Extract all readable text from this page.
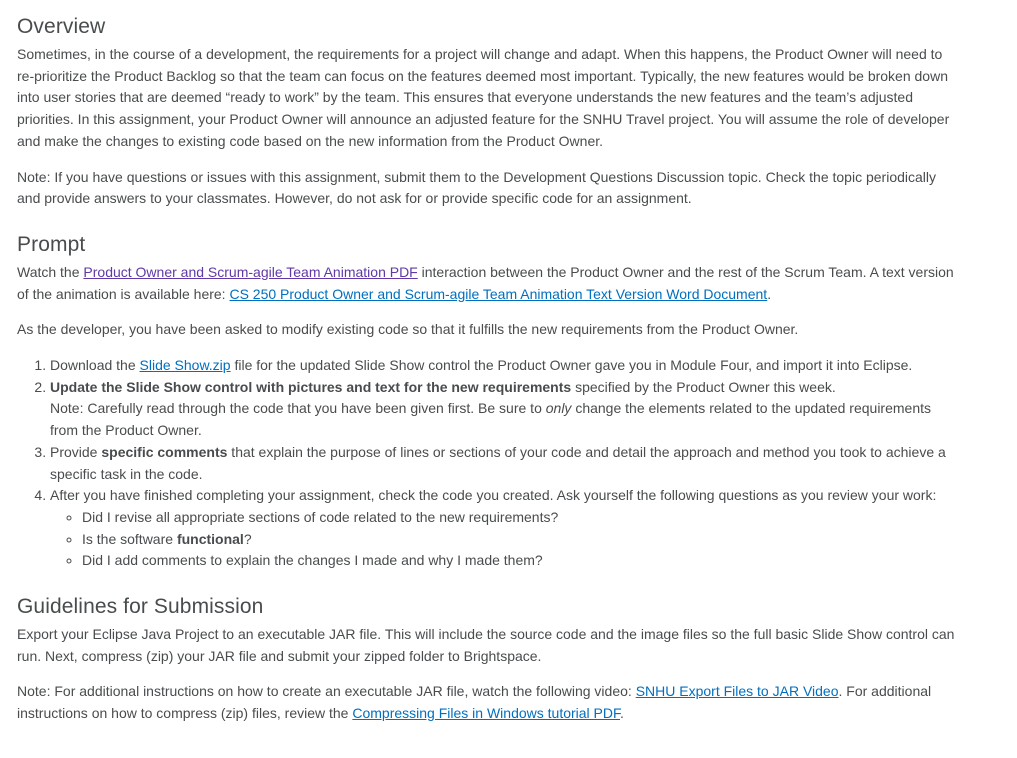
Overview

Sometimes, in the course of a development, the requirements for a project will change and adapt. When this happens, the Product Owner will need to re-prioritize the Product Backlog so that the team can focus on the features deemed most important. Typically, the new features would be broken down into user stories that are deemed “ready to work” by the team. This ensures that everyone understands the new features and the team’s adjusted priorities. In this assignment, your Product Owner will announce an adjusted feature for the SNHU Travel project. You will assume the role of developer and make the changes to existing code based on the new information from the Product Owner.

Note: If you have questions or issues with this assignment, submit them to the Development Questions Discussion topic. Check the topic periodically and provide answers to your classmates. However, do not ask for or provide specific code for an assignment.

Prompt

Watch the Product Owner and Scrum-agile Team Animation PDF interaction between the Product Owner and the rest of the Scrum Team. A text version of the animation is available here: CS 250 Product Owner and Scrum-agile Team Animation Text Version Word Document.

As the developer, you have been asked to modify existing code so that it fulfills the new requirements from the Product Owner.

1. Download the Slide Show.zip file for the updated Slide Show control the Product Owner gave you in Module Four, and import it into Eclipse.
2. Update the Slide Show control with pictures and text for the new requirements specified by the Product Owner this week.
Note: Carefully read through the code that you have been given first. Be sure to only change the elements related to the updated requirements from the Product Owner.
3. Provide specific comments that explain the purpose of lines or sections of your code and detail the approach and method you took to achieve a specific task in the code.
4. After you have finished completing your assignment, check the code you created. Ask yourself the following questions as you review your work:
◦ Did I revise all appropriate sections of code related to the new requirements?
◦ Is the software functional?
◦ Did I add comments to explain the changes I made and why I made them?
Guidelines for Submission

Export your Eclipse Java Project to an executable JAR file. This will include the source code and the image files so the full basic Slide Show control can run. Next, compress (zip) your JAR file and submit your zipped folder to Brightspace.

Note: For additional instructions on how to create an executable JAR file, watch the following video: SNHU Export Files to JAR Video. For additional instructions on how to compress (zip) files, review the Compressing Files in Windows tutorial PDF.
